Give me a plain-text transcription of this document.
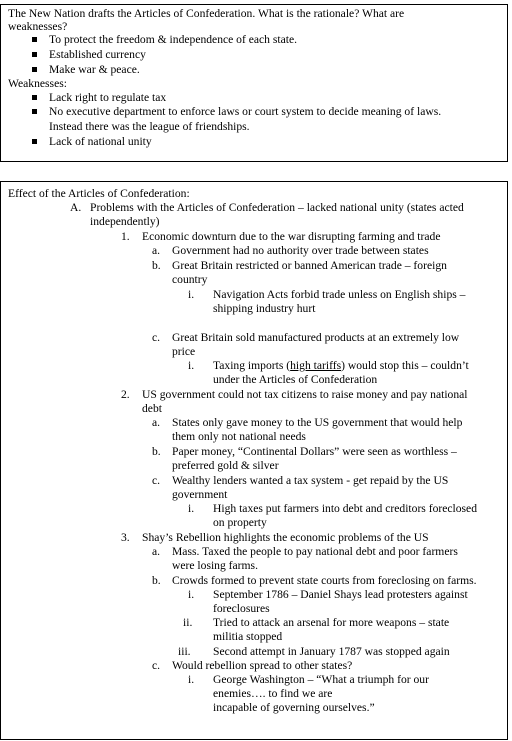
The New Nation drafts the Articles of Confederation. What is the rationale? What are
weaknesses?
To protect the freedom & independence of each state.
Established currency
Make war & peace.
Weaknesses:
Lack right to regulate tax
No executive department to enforce laws or court system to decide meaning of laws.
Instead there was the league of friendships.
Lack of national unity
Effect of the Articles of Confederation:
A. Problems with the Articles of Confederation – lacked national unity (states acted
independently)
1. Economic downturn due to the war disrupting farming and trade
a. Government had no authority over trade between states
b. Great Britain restricted or banned American trade – foreign
country
i. Navigation Acts forbid trade unless on English ships –
shipping industry hurt
c. Great Britain sold manufactured products at an extremely low
price
i. Taxing imports (high tariffs) would stop this – couldn’t
under the Articles of Confederation
2. US government could not tax citizens to raise money and pay national
debt
a. States only gave money to the US government that would help
them only not national needs
b. Paper money, “Continental Dollars” were seen as worthless –
preferred gold & silver
c. Wealthy lenders wanted a tax system - get repaid by the US
government
i. High taxes put farmers into debt and creditors foreclosed
on property
3. Shay’s Rebellion highlights the economic problems of the US
a. Mass. Taxed the people to pay national debt and poor farmers
were losing farms.
b. Crowds formed to prevent state courts from foreclosing on farms.
i. September 1786 – Daniel Shays lead protesters against
foreclosures
ii. Tried to attack an arsenal for more weapons – state
militia stopped
iii. Second attempt in January 1787 was stopped again
c. Would rebellion spread to other states?
i. George Washington – “What a triumph for our
enemies…. to find we are
incapable of governing ourselves.”
